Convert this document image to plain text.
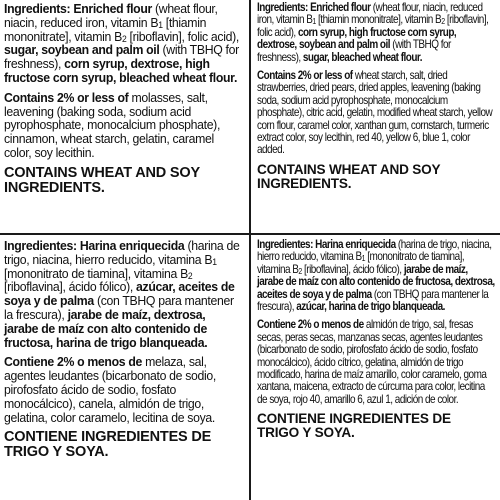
Ingredients: Enriched flour (wheat flour, niacin, reduced iron, vitamin $B_1$ [thiamin mononitrate], vitamin $B_2$ [riboflavin], folic acid), sugar, soybean and palm oil (with TBHQ for freshness), corn syrup, dextrose, high fructose corn syrup, bleached wheat flour.

Contains 2% or less of molasses, salt, leavening (baking soda, sodium acid pyrophosphate, monocalcium phosphate), cinnamon, wheat starch, gelatin, caramel color, soy lecithin.

CONTAINS WHEAT AND SOY INGREDIENTS.

Ingredients: Enriched flour (wheat flour, niacin, reduced iron, vitamin $B_1$ [thiamin mononitrate], vitamin $B_2$ [riboflavin], folic acid), corn syrup, high fructose corn syrup, dextrose, soybean and palm oil (with TBHQ for freshness), sugar, bleached wheat flour.

Contains 2% or less of wheat starch, salt, dried strawberries, dried pears, dried apples, leavening (baking soda, sodium acid pyrophosphate, monocalcium phosphate), citric acid, gelatin, modified wheat starch, yellow corn flour, caramel color, xanthan gum, cornstarch, turmeric extract color, soy lecithin, red 40, yellow 6, blue 1, color added.

CONTAINS WHEAT AND SOY INGREDIENTS.

Ingredientes: Harina enriquecida (harina de trigo, niacina, hierro reducido, vitamina $B_1$ [mononitrato de tiamina], vitamina $B_2$ [riboflavina], ácido fólico), azúcar, aceites de soya y de palma (con TBHQ para mantener la frescura), jarabe de maíz, dextrosa, jarabe de maíz con alto contenido de fructosa, harina de trigo blanqueada.

Contiene 2% o menos de melaza, sal, agentes leudantes (bicarbonato de sodio, pirofosfato ácido de sodio, fosfato monocálcico), canela, almidón de trigo, gelatina, color caramelo, lecitina de soya.

CONTIENE INGREDIENTES DE TRIGO Y SOYA.

Ingredientes: Harina enriquecida (harina de trigo, niacina, hierro reducido, vitamina $B_1$ [mononitrato de tiamina], vitamina $B_2$ [riboflavina], ácido fólico), jarabe de maíz, jarabe de maíz con alto contenido de fructosa, dextrosa, aceites de soya y de palma (con TBHQ para mantener la frescura), azúcar, harina de trigo blanqueada.

Contiene 2% o menos de almidón de trigo, sal, fresas secas, peras secas, manzanas secas, agentes leudantes (bicarbonato de sodio, pirofosfato ácido de sodio, fosfato monocálcico), ácido cítrico, gelatina, almidón de trigo modificado, harina de maíz amarillo, color caramelo, goma xantana, maicena, extracto de cúrcuma para color, lecitina de soya, rojo 40, amarillo 6, azul 1, adición de color.

CONTIENE INGREDIENTES DE TRIGO Y SOYA.
